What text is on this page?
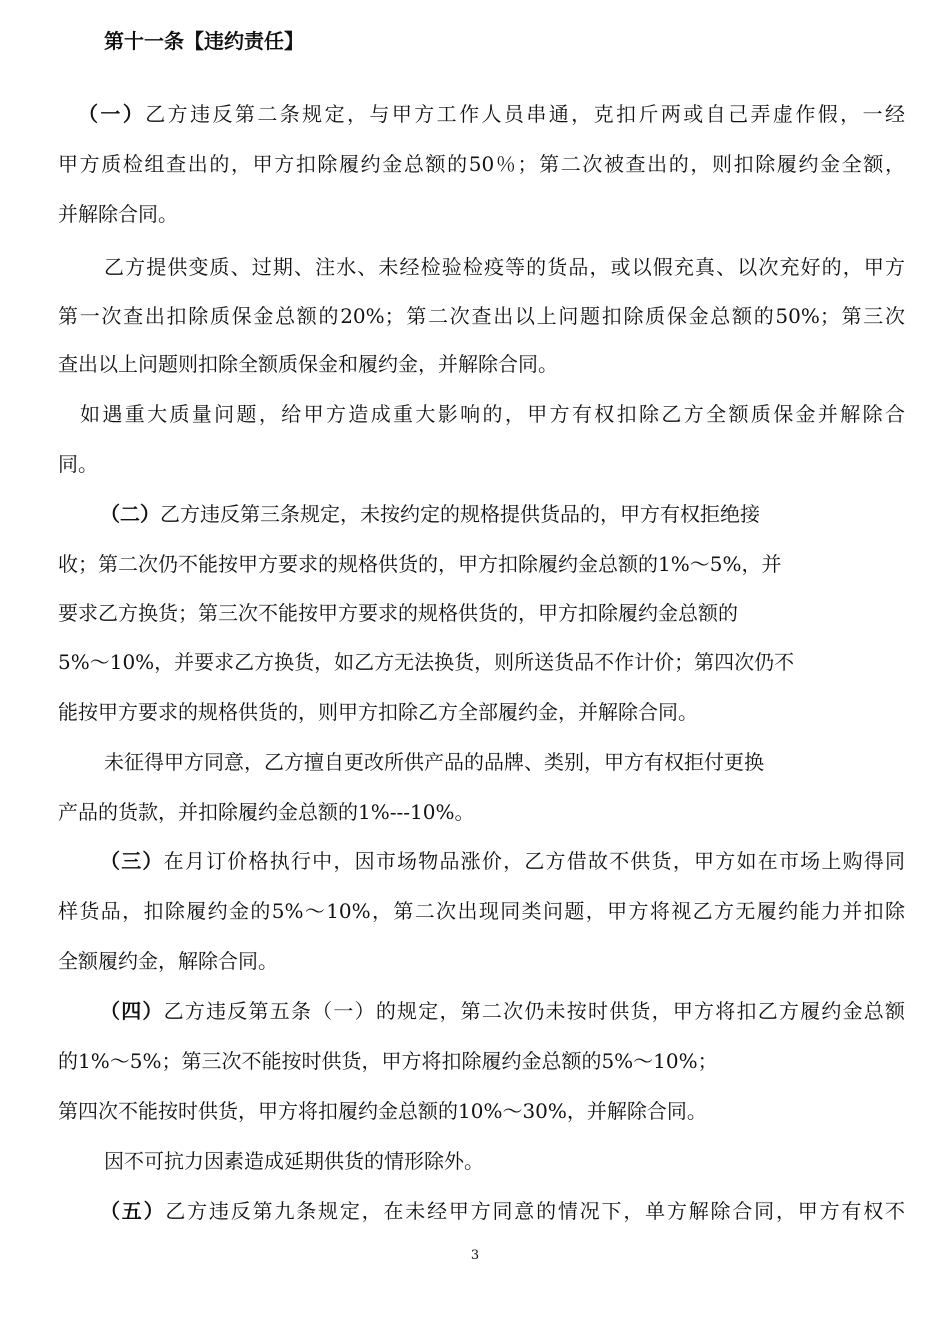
第十一条【违约责任】
（一）乙方违反第二条规定，与甲方工作人员串通，克扣斤两或自己弄虚作假，一经
甲方质检组查出的，甲方扣除履约金总额的50％；第二次被查出的，则扣除履约金全额，
并解除合同。
乙方提供变质、过期、注水、未经检验检疫等的货品，或以假充真、以次充好的，甲方
第一次查出扣除质保金总额的20%；第二次查出以上问题扣除质保金总额的50%；第三次
查出以上问题则扣除全额质保金和履约金，并解除合同。
如遇重大质量问题，给甲方造成重大影响的，甲方有权扣除乙方全额质保金并解除合
同。
（二）乙方违反第三条规定，未按约定的规格提供货品的，甲方有权拒绝接
收；第二次仍不能按甲方要求的规格供货的，甲方扣除履约金总额的1%～5%，并
要求乙方换货；第三次不能按甲方要求的规格供货的，甲方扣除履约金总额的
5%～10%，并要求乙方换货，如乙方无法换货，则所送货品不作计价；第四次仍不
能按甲方要求的规格供货的，则甲方扣除乙方全部履约金，并解除合同。
未征得甲方同意，乙方擅自更改所供产品的品牌、类别，甲方有权拒付更换
产品的货款，并扣除履约金总额的1%---10%。
（三）在月订价格执行中，因市场物品涨价，乙方借故不供货，甲方如在市场上购得同
样货品，扣除履约金的5%～10%，第二次出现同类问题，甲方将视乙方无履约能力并扣除
全额履约金，解除合同。
（四）乙方违反第五条（一）的规定，第二次仍未按时供货，甲方将扣乙方履约金总额
的1%～5%；第三次不能按时供货，甲方将扣除履约金总额的5%～10%；
第四次不能按时供货，甲方将扣履约金总额的10%～30%，并解除合同。
因不可抗力因素造成延期供货的情形除外。
（五）乙方违反第九条规定，在未经甲方同意的情况下，单方解除合同，甲方有权不
3
